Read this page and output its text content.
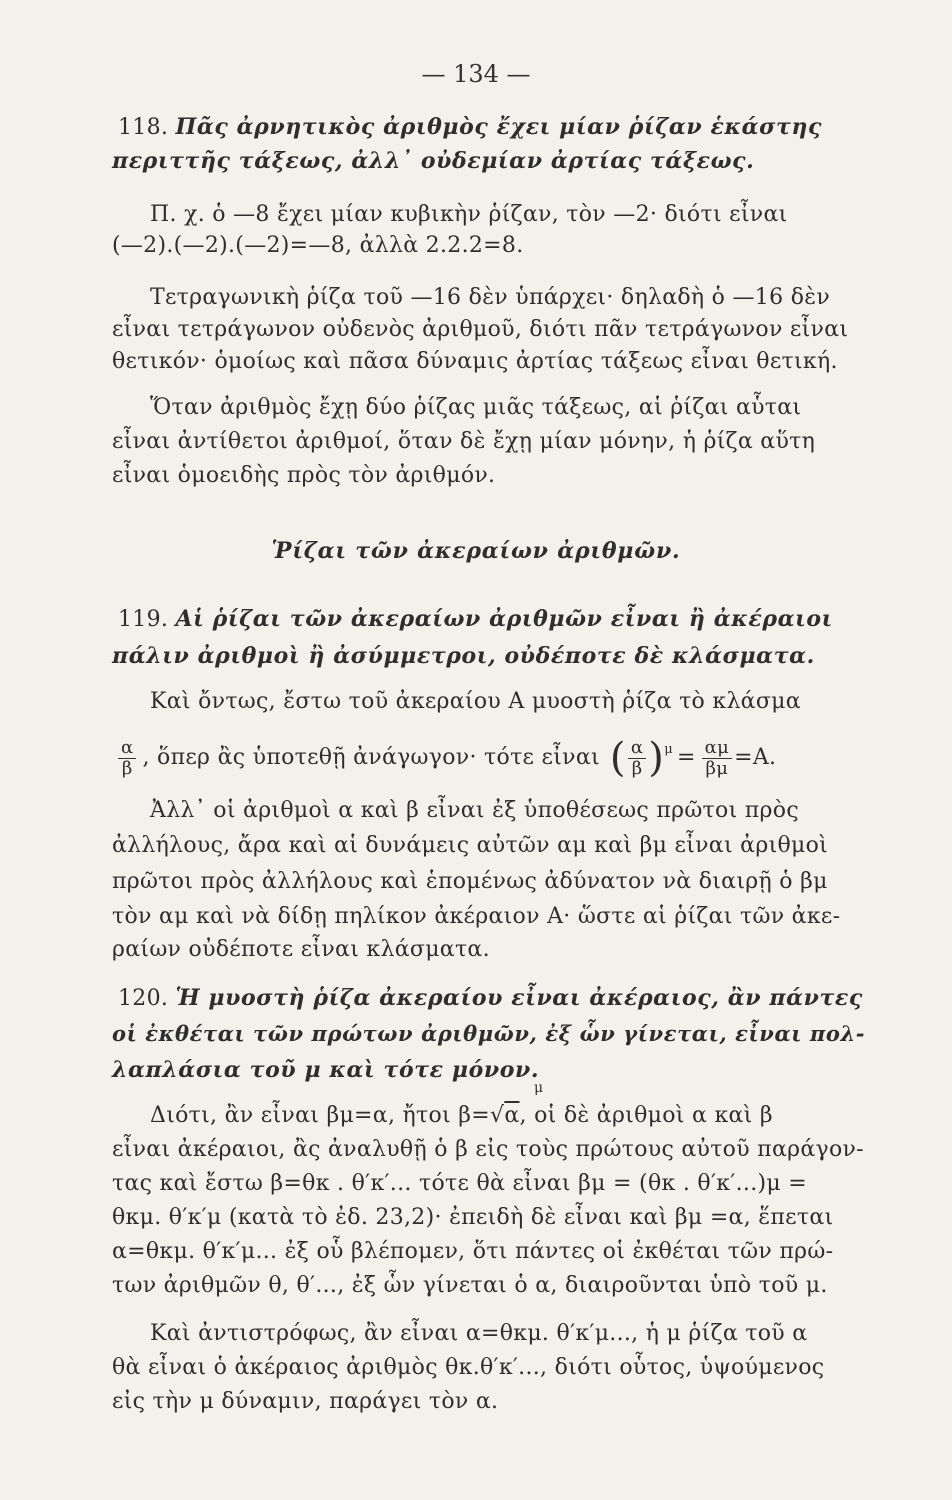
— 134 —
118. Πᾶς ἀρνητικὸς ἀριθμὸς ἔχει μίαν ῥίζαν ἑκάστης
περιττῆς τάξεως, ἀλλ᾽ οὐδεμίαν ἀρτίας τάξεως.
Π. χ. ὁ —8 ἔχει μίαν κυβικὴν ῥίζαν, τὸν —2· διότι εἶναι
(—2).(—2).(—2)=—8, ἀλλὰ 2.2.2=8.
Τετραγωνικὴ ῥίζα τοῦ —16 δὲν ὑπάρχει· δηλαδὴ ὁ —16 δὲν
εἶναι τετράγωνον οὐδενὸς ἀριθμοῦ, διότι πᾶν τετράγωνον εἶναι
θετικόν· ὁμοίως καὶ πᾶσα δύναμις ἀρτίας τάξεως εἶναι θετική.
Ὅταν ἀριθμὸς ἔχῃ δύο ῥίζας μιᾶς τάξεως, αἱ ῥίζαι αὗται
εἶναι ἀντίθετοι ἀριθμοί, ὅταν δὲ ἔχῃ μίαν μόνην, ἡ ῥίζα αὕτη
εἶναι ὁμοειδὴς πρὸς τὸν ἀριθμόν.
Ῥίζαι τῶν ἀκεραίων ἀριθμῶν.
119. Αἱ ῥίζαι τῶν ἀκεραίων ἀριθμῶν εἶναι ἢ ἀκέραιοι
πάλιν ἀριθμοὶ ἢ ἀσύμμετροι, οὐδέποτε δὲ κλάσματα.
Καὶ ὄντως, ἔστω τοῦ ἀκεραίου Α μυοστὴ ῥίζα τὸ κλάσμα
$\frac{\alpha}{\beta}$ , ὅπερ ἂς ὑποτεθῇ ἀνάγωγον· τότε εἶναι ( $\frac{\alpha}{\beta} )^\mu = \frac{\alpha\mu}{\beta\mu} =A$.
Ἀλλ᾽ οἱ ἀριθμοὶ α καὶ β εἶναι ἐξ ὑποθέσεως πρῶτοι πρὸς
ἀλλήλους, ἄρα καὶ αἱ δυνάμεις αὐτῶν αμ καὶ βμ εἶναι ἀριθμοὶ
πρῶτοι πρὸς ἀλλήλους καὶ ἑπομένως ἀδύνατον νὰ διαιρῇ ὁ βμ
τὸν αμ καὶ νὰ δίδῃ πηλίκον ἀκέραιον Α· ὥστε αἱ ῥίζαι τῶν ἀκε-
ραίων οὐδέποτε εἶναι κλάσματα.
120. Ἡ μυοστὴ ῥίζα ἀκεραίου εἶναι ἀκέραιος, ἂν πάντες
οἱ ἐκθέται τῶν πρώτων ἀριθμῶν, ἐξ ὧν γίνεται, εἶναι πολ-
λαπλάσια τοῦ μ καὶ τότε μόνον.
μ
Διότι, ἂν εἶναι βμ=α, ἤτοι β=√α, οἱ δὲ ἀριθμοὶ α καὶ β
εἶναι ἀκέραιοι, ἂς ἀναλυθῇ ὁ β εἰς τοὺς πρώτους αὐτοῦ παράγον-
τας καὶ ἔστω β=θκ . θ′κ′... τότε θὰ εἶναι βμ = (θκ . θ′κ′...)μ =
θκμ. θ′κ′μ (κατὰ τὸ ἐδ. 23,2)· ἐπειδὴ δὲ εἶναι καὶ βμ =α, ἕπεται
α=θκμ. θ′κ′μ... ἐξ οὗ βλέπομεν, ὅτι πάντες οἱ ἐκθέται τῶν πρώ-
των ἀριθμῶν θ, θ′..., ἐξ ὧν γίνεται ὁ α, διαιροῦνται ὑπὸ τοῦ μ.
Καὶ ἀντιστρόφως, ἂν εἶναι α=θκμ. θ′κ′μ..., ἡ μ ῥίζα τοῦ α
θὰ εἶναι ὁ ἀκέραιος ἀριθμὸς θκ.θ′κ′..., διότι οὗτος, ὑψούμενος
εἰς τὴν μ δύναμιν, παράγει τὸν α.
